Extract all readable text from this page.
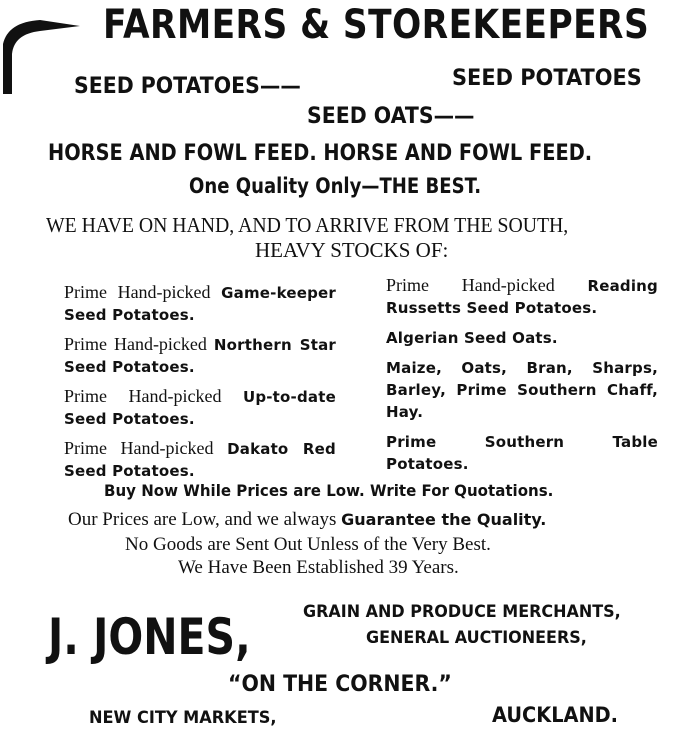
FARMERS & STOREKEEPERS
SEED POTATOES——	SEED POTATOES
SEED OATS——
HORSE AND FOWL FEED. HORSE AND FOWL FEED.
One Quality Only—THE BEST.
WE HAVE ON HAND, AND TO ARRIVE FROM THE SOUTH,
HEAVY STOCKS OF:

Prime Hand-picked Game-keeper Seed Potatoes.

Prime Hand-picked Northern Star Seed Potatoes.

Prime Hand-picked Up-to-date Seed Potatoes.

Prime Hand-picked Dakato Red Seed Potatoes.

Prime Hand-picked Reading Russetts Seed Potatoes.

Algerian Seed Oats.

Maize, Oats, Bran, Sharps, Barley, Prime Southern Chaff, Hay.

Prime Southern Table Potatoes.

Buy Now While Prices are Low. Write For Quotations.
Our Prices are Low, and we always Guarantee the Quality.
No Goods are Sent Out Unless of the Very Best.
We Have Been Established 39 Years.
J. JONES,	GRAIN AND PRODUCE MERCHANTS,
GENERAL AUCTIONEERS,
“ON THE CORNER.”
NEW CITY MARKETS,	AUCKLAND.
